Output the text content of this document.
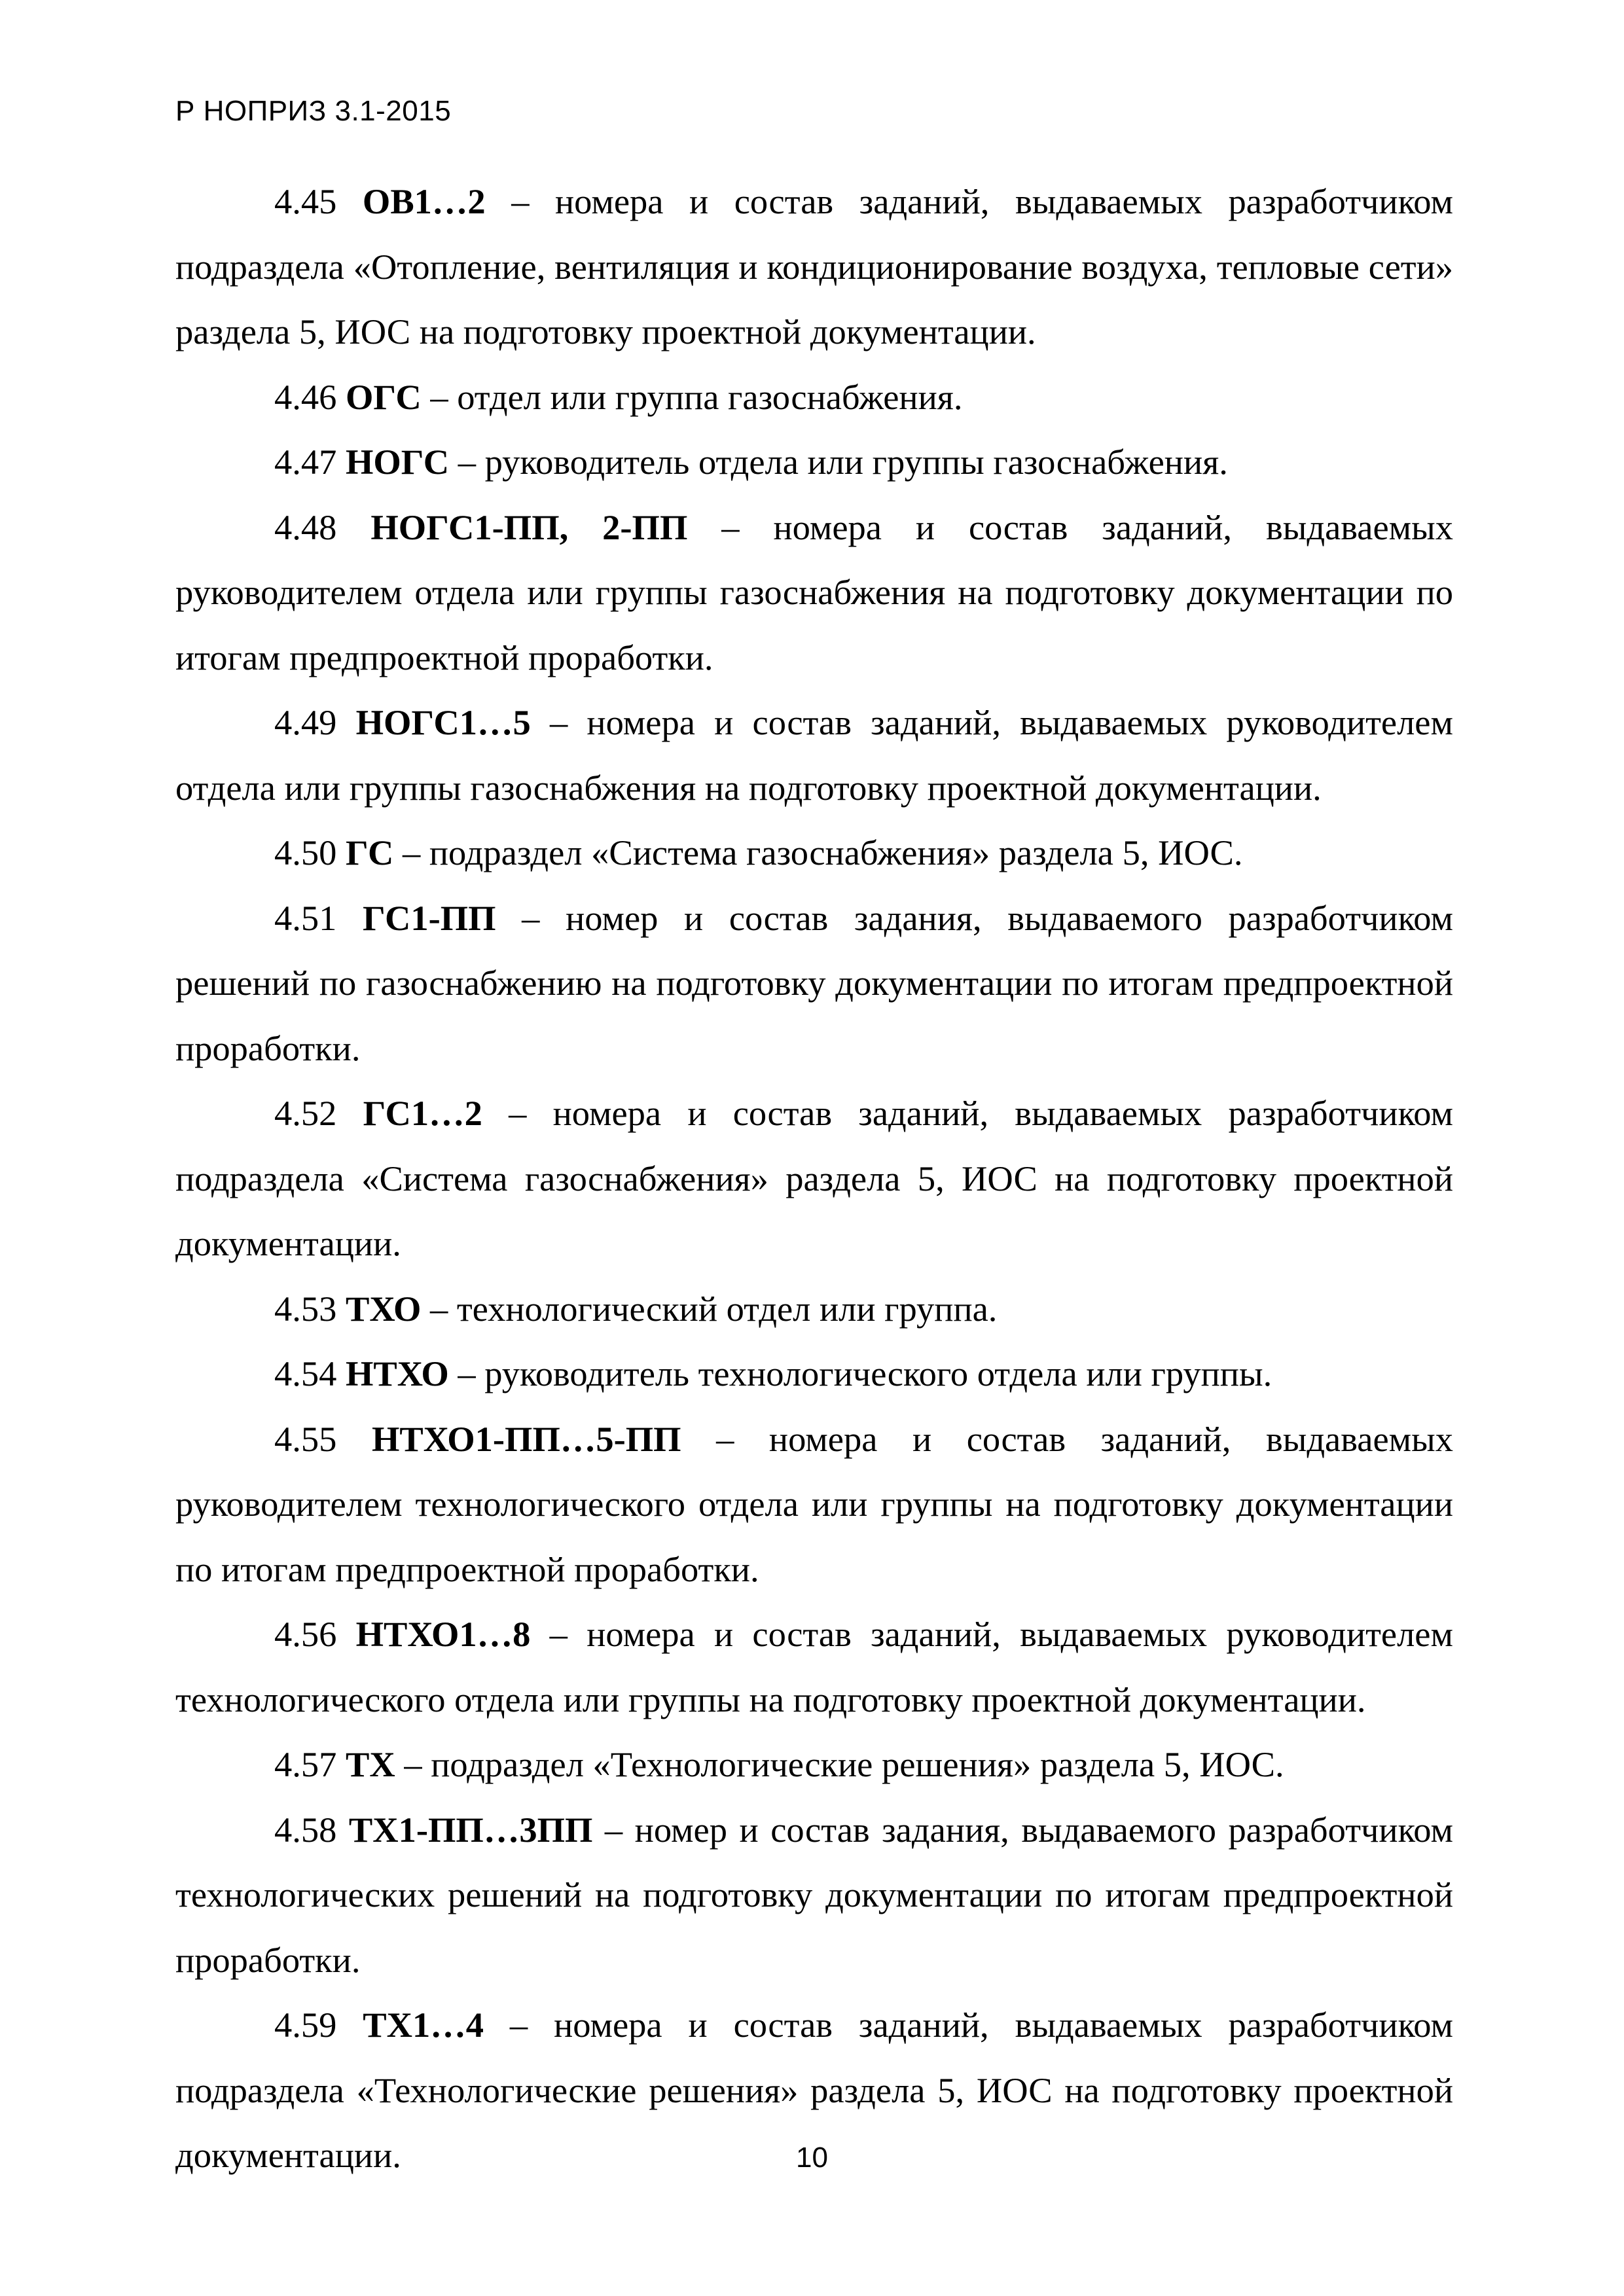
Р НОПРИЗ 3.1-2015

4.45 ОВ1…2 – номера и состав заданий, выдаваемых разработчиком подраздела «Отопление, вентиляция и кондиционирование воздуха, тепловые сети» раздела 5, ИОС на подготовку проектной документации.

4.46 ОГС – отдел или группа газоснабжения.

4.47 НОГС – руководитель отдела или группы газоснабжения.

4.48 НОГС1-ПП, 2-ПП – номера и состав заданий, выдаваемых руководителем отдела или группы газоснабжения на подготовку документации по итогам предпроектной проработки.

4.49 НОГС1…5 – номера и состав заданий, выдаваемых руководителем отдела или группы газоснабжения на подготовку проектной документации.

4.50 ГС – подраздел «Система газоснабжения» раздела 5, ИОС.

4.51 ГС1-ПП – номер и состав задания, выдаваемого разработчиком решений по газоснабжению на подготовку документации по итогам предпроектной проработки.

4.52 ГС1…2 – номера и состав заданий, выдаваемых разработчиком подраздела «Система газоснабжения» раздела 5, ИОС на подготовку проектной документации.

4.53 ТХО – технологический отдел или группа.

4.54 НТХО – руководитель технологического отдела или группы.

4.55 НТХО1-ПП…5-ПП – номера и состав заданий, выдаваемых руководителем технологического отдела или группы на подготовку документации по итогам предпроектной проработки.

4.56 НТХО1…8 – номера и состав заданий, выдаваемых руководителем технологического отдела или группы на подготовку проектной документации.

4.57 ТХ – подраздел «Технологические решения» раздела 5, ИОС.

4.58 ТХ1-ПП…3ПП – номер и состав задания, выдаваемого разработчиком технологических решений на подготовку документации по итогам предпроектной проработки.

4.59 ТХ1…4 – номера и состав заданий, выдаваемых разработчиком подраздела «Технологические решения» раздела 5, ИОС на подготовку проектной документации.	10
